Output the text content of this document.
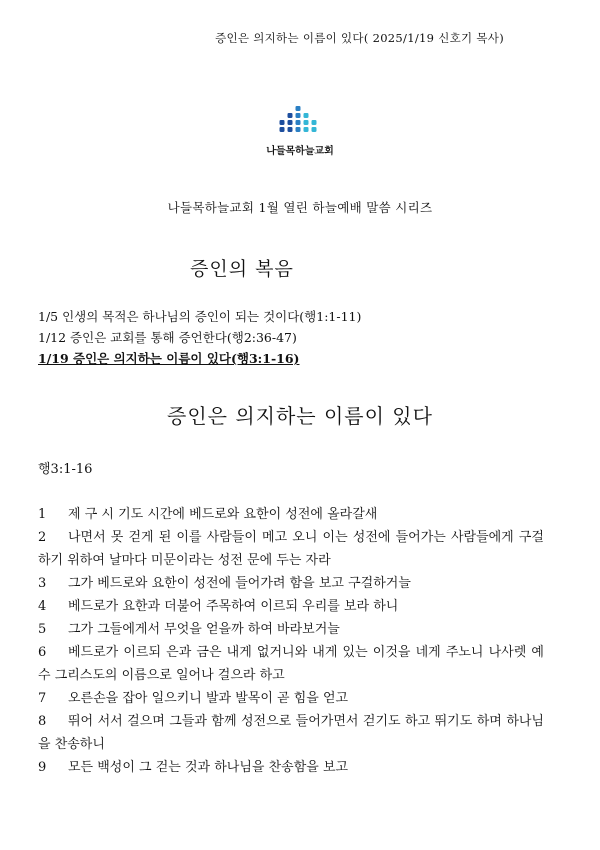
증인은 의지하는 이름이 있다( 2025/1/19 신호기 목사)
나들목하늘교회
나들목하늘교회 1월 열린 하늘예배 말씀 시리즈
증인의 복음
1/5 인생의 목적은 하나님의 증인이 되는 것이다(행1:1-11)
1/12 증인은 교회를 통해 증언한다(행2:36-47)
1/19 증인은 의지하는 이름이 있다(행3:1-16)
증인은 의지하는 이름이 있다
행3:1-16
1 제 구 시 기도 시간에 베드로와 요한이 성전에 올라갈새
2 나면서 못 걷게 된 이를 사람들이 메고 오니 이는 성전에 들어가는 사람들에게 구걸하기 위하여 날마다 미문이라는 성전 문에 두는 자라
3 그가 베드로와 요한이 성전에 들어가려 함을 보고 구걸하거늘
4 베드로가 요한과 더불어 주목하여 이르되 우리를 보라 하니
5 그가 그들에게서 무엇을 얻을까 하여 바라보거늘
6 베드로가 이르되 은과 금은 내게 없거니와 내게 있는 이것을 네게 주노니 나사렛 예수 그리스도의 이름으로 일어나 걸으라 하고
7 오른손을 잡아 일으키니 발과 발목이 곧 힘을 얻고
8 뛰어 서서 걸으며 그들과 함께 성전으로 들어가면서 걷기도 하고 뛰기도 하며 하나님을 찬송하니
9 모든 백성이 그 걷는 것과 하나님을 찬송함을 보고
